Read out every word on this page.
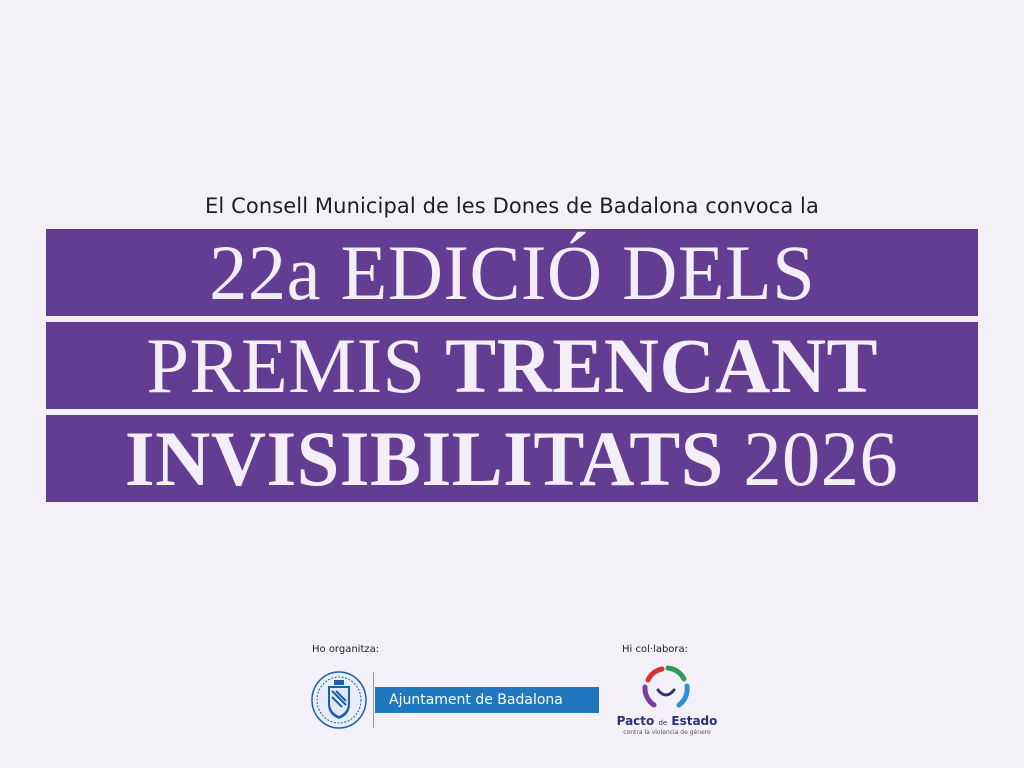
El Consell Municipal de les Dones de Badalona convoca la
22a EDICIÓ DELS
PREMIS TRENCANT
INVISIBILITATS 2026
Ho organitza:
Ajuntament de Badalona
Hi col·labora:
Pacto de Estado
contra la violencia de género
